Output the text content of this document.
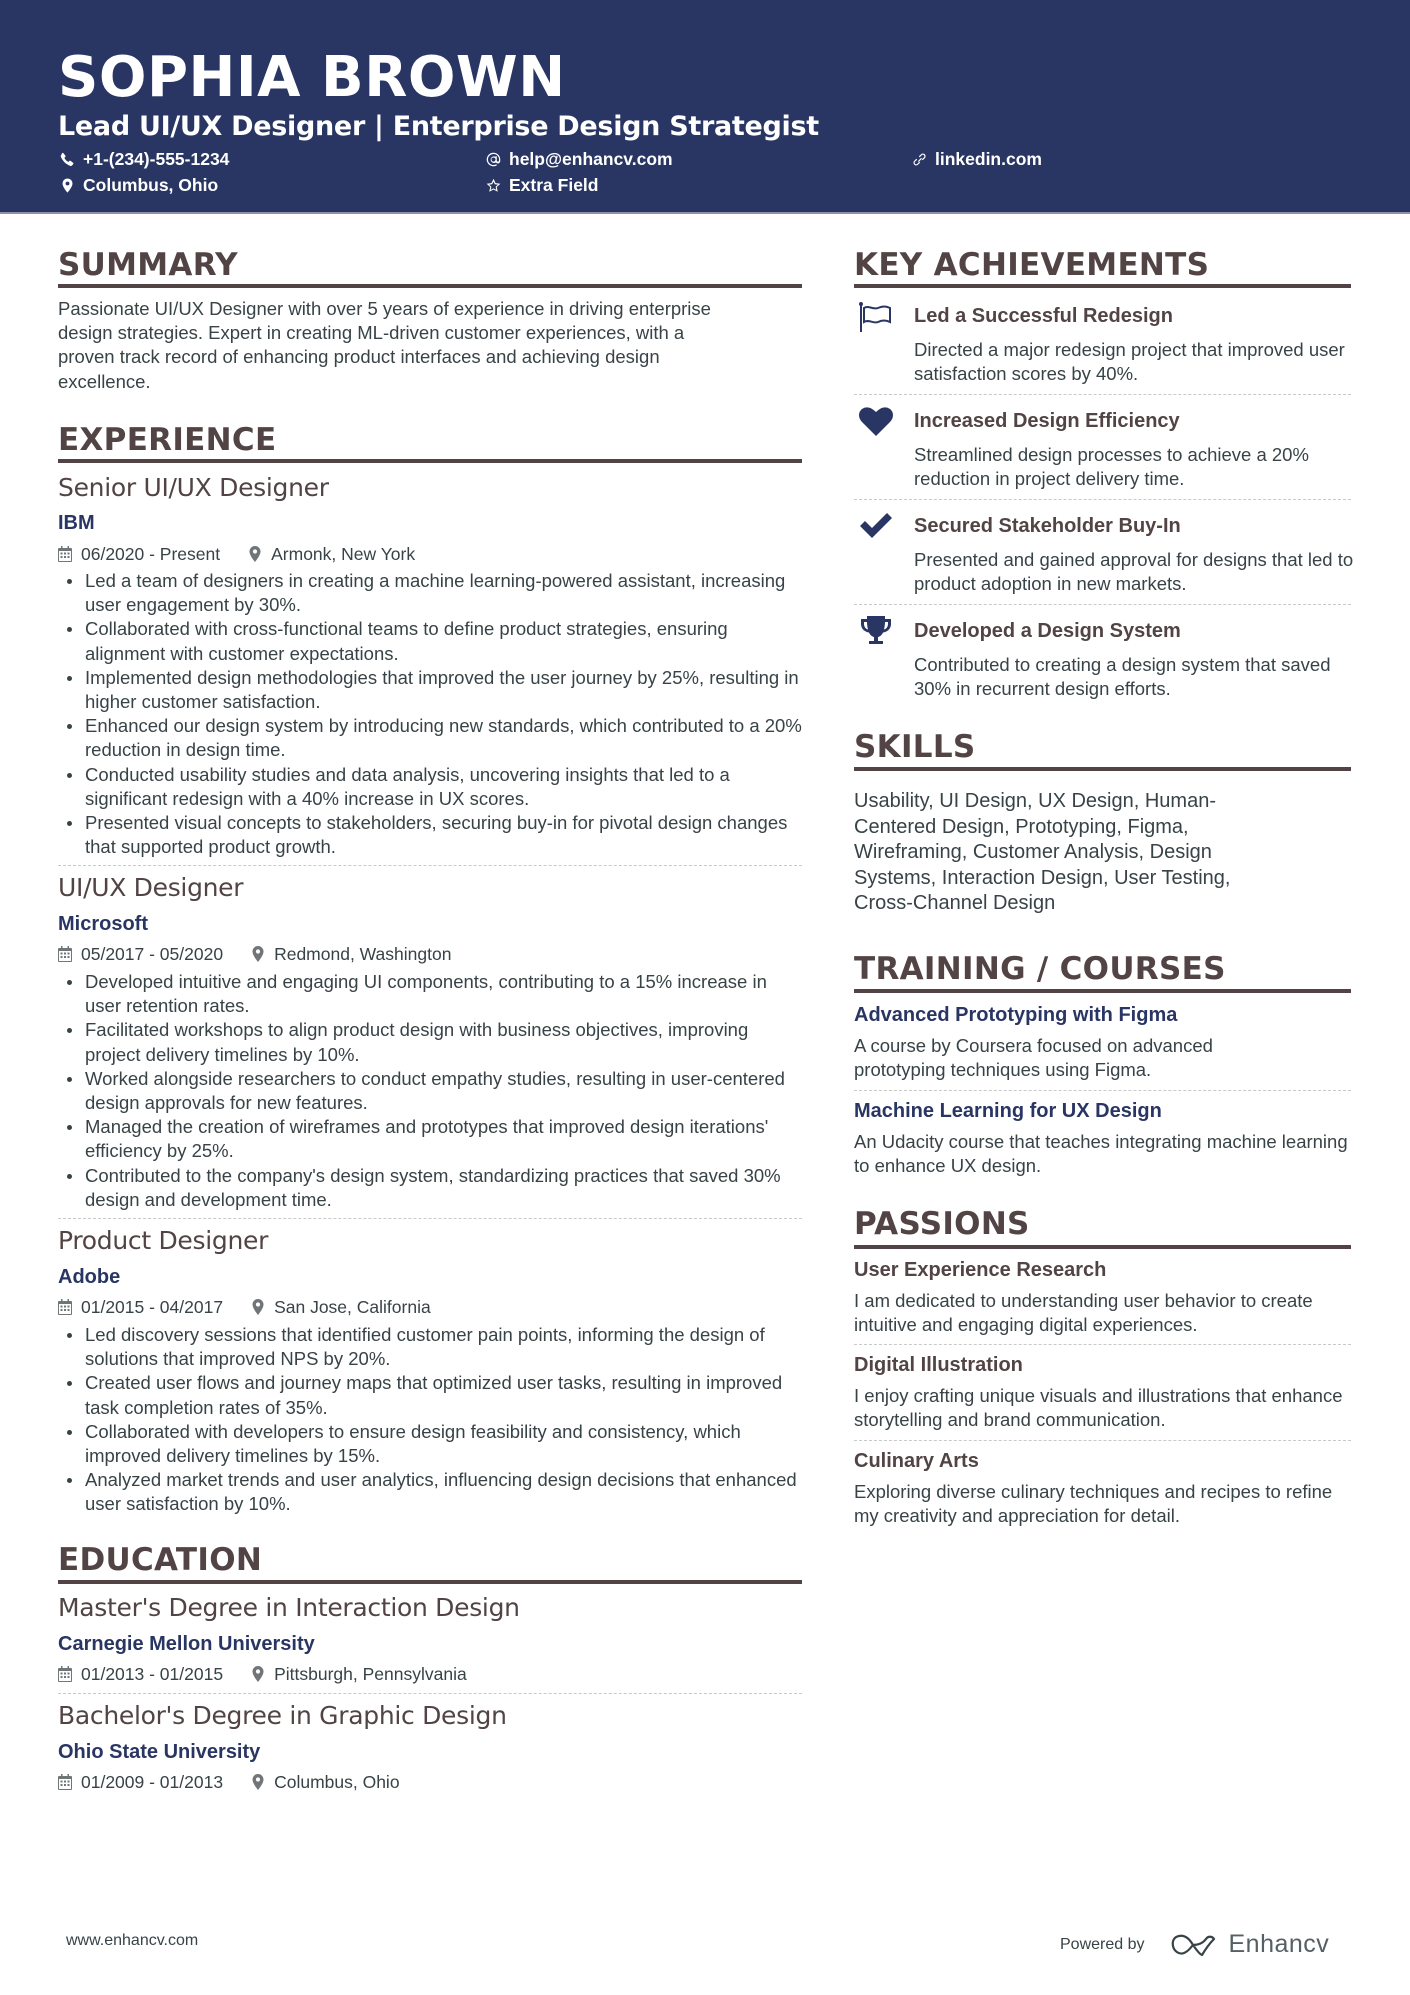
SOPHIA BROWN
Lead UI/UX Designer | Enterprise Design Strategist
+1-(234)-555-1234	help@enhancv.com	linkedin.com
Columbus, Ohio	Extra Field
SUMMARY
Passionate UI/UX Designer with over 5 years of experience in driving enterprise
design strategies. Expert in creating ML-driven customer experiences, with a
proven track record of enhancing product interfaces and achieving design
excellence.
EXPERIENCE
Senior UI/UX Designer
IBM
06/2020 - Present	Armonk, New York
Led a team of designers in creating a machine learning-powered assistant, increasing user engagement by 30%.
Collaborated with cross-functional teams to define product strategies, ensuring alignment with customer expectations.
Implemented design methodologies that improved the user journey by 25%, resulting in higher customer satisfaction.
Enhanced our design system by introducing new standards, which contributed to a 20% reduction in design time.
Conducted usability studies and data analysis, uncovering insights that led to a significant redesign with a 40% increase in UX scores.
Presented visual concepts to stakeholders, securing buy-in for pivotal design changes that supported product growth.
UI/UX Designer
Microsoft
05/2017 - 05/2020	Redmond, Washington
Developed intuitive and engaging UI components, contributing to a 15% increase in user retention rates.
Facilitated workshops to align product design with business objectives, improving project delivery timelines by 10%.
Worked alongside researchers to conduct empathy studies, resulting in user-centered design approvals for new features.
Managed the creation of wireframes and prototypes that improved design iterations' efficiency by 25%.
Contributed to the company's design system, standardizing practices that saved 30% design and development time.
Product Designer
Adobe
01/2015 - 04/2017	San Jose, California
Led discovery sessions that identified customer pain points, informing the design of solutions that improved NPS by 20%.
Created user flows and journey maps that optimized user tasks, resulting in improved task completion rates of 35%.
Collaborated with developers to ensure design feasibility and consistency, which improved delivery timelines by 15%.
Analyzed market trends and user analytics, influencing design decisions that enhanced user satisfaction by 10%.
EDUCATION
Master's Degree in Interaction Design
Carnegie Mellon University
01/2013 - 01/2015	Pittsburgh, Pennsylvania
Bachelor's Degree in Graphic Design
Ohio State University
01/2009 - 01/2013	Columbus, Ohio
KEY ACHIEVEMENTS
Led a Successful Redesign
Directed a major redesign project that improved user satisfaction scores by 40%.
Increased Design Efficiency
Streamlined design processes to achieve a 20% reduction in project delivery time.
Secured Stakeholder Buy-In
Presented and gained approval for designs that led to product adoption in new markets.
Developed a Design System
Contributed to creating a design system that saved 30% in recurrent design efforts.
SKILLS
Usability, UI Design, UX Design, Human-Centered Design, Prototyping, Figma, Wireframing, Customer Analysis, Design Systems, Interaction Design, User Testing, Cross-Channel Design
TRAINING / COURSES
Advanced Prototyping with Figma
A course by Coursera focused on advanced prototyping techniques using Figma.
Machine Learning for UX Design
An Udacity course that teaches integrating machine learning to enhance UX design.
PASSIONS
User Experience Research
I am dedicated to understanding user behavior to create intuitive and engaging digital experiences.
Digital Illustration
I enjoy crafting unique visuals and illustrations that enhance storytelling and brand communication.
Culinary Arts
Exploring diverse culinary techniques and recipes to refine my creativity and appreciation for detail.
www.enhancv.com	Powered by	Enhancv
